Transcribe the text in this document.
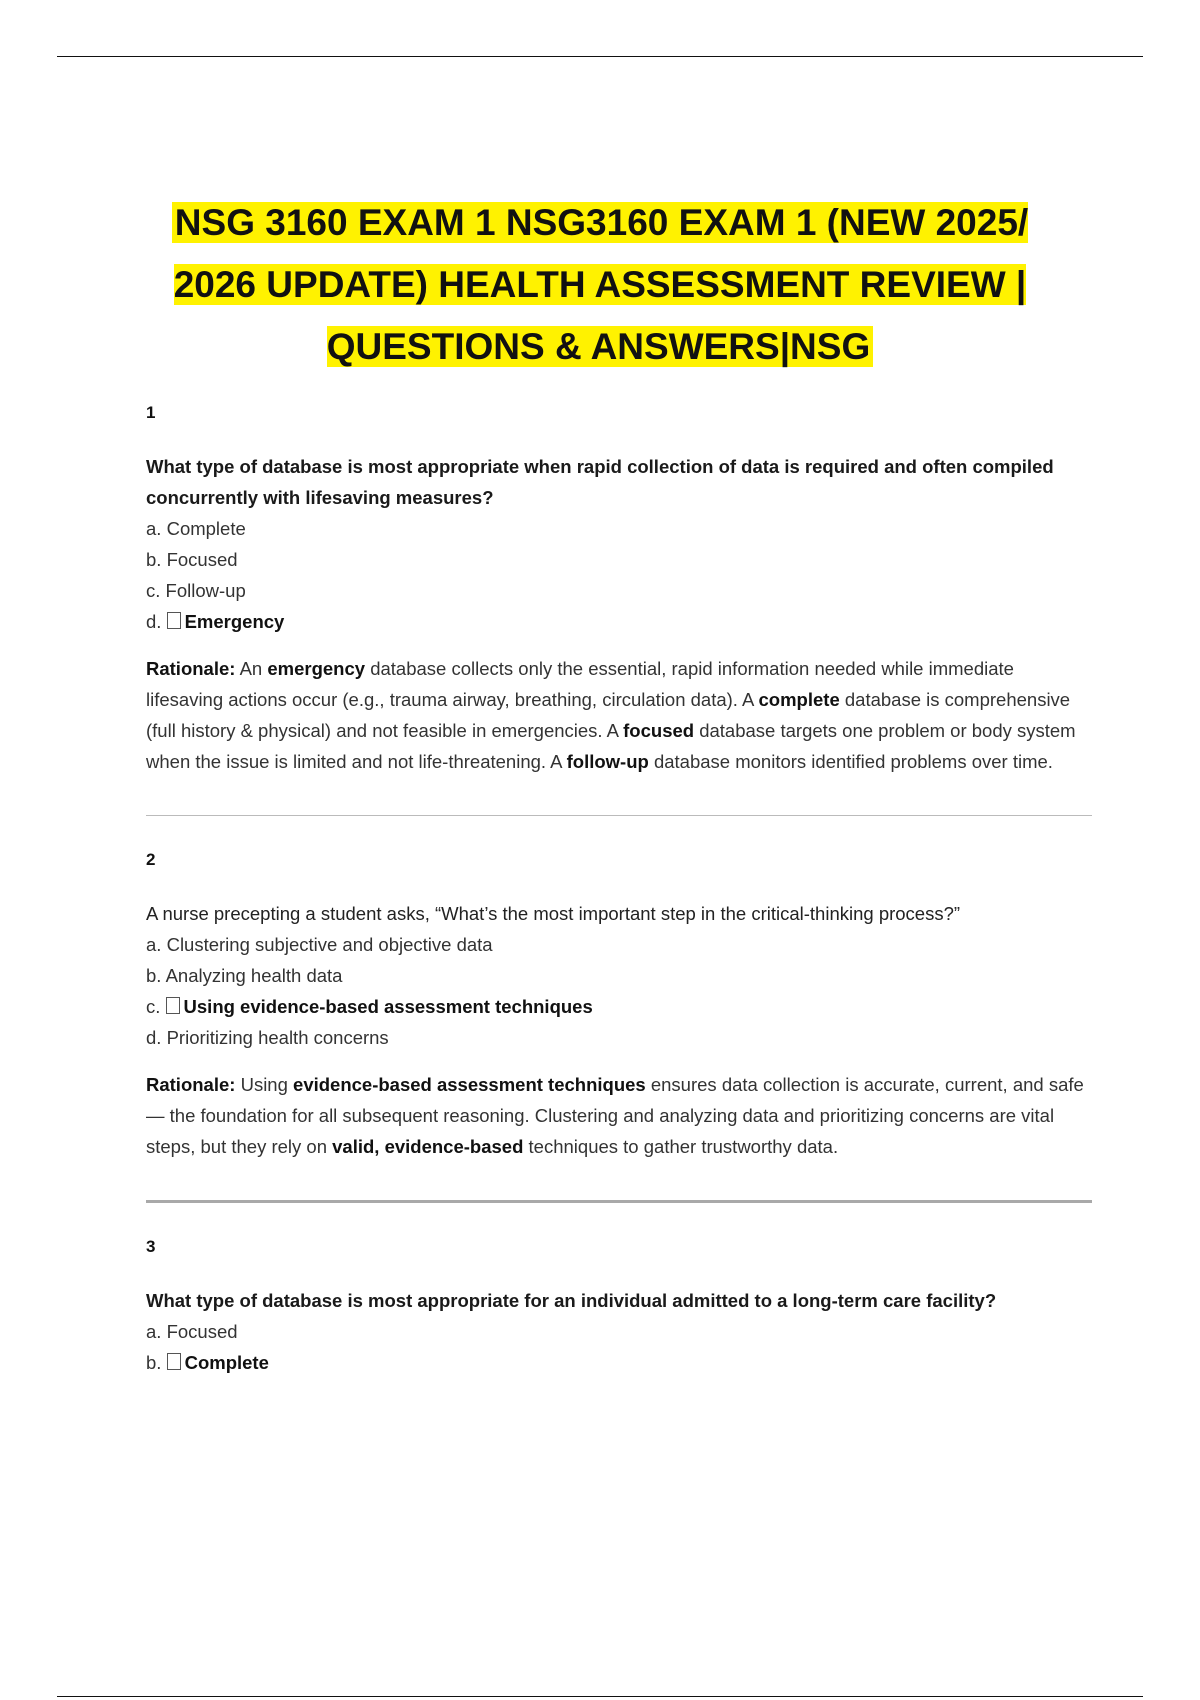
NSG 3160 EXAM 1 NSG3160 EXAM 1 (NEW 2025/ 2026 UPDATE) HEALTH ASSESSMENT REVIEW | QUESTIONS & ANSWERS|NSG

1

What type of database is most appropriate when rapid collection of data is required and often compiled concurrently with lifesaving measures?

a. Complete
b. Focused
c. Follow-up
d. Emergency

Rationale: An emergency database collects only the essential, rapid information needed while immediate lifesaving actions occur (e.g., trauma airway, breathing, circulation data). A complete database is comprehensive (full history & physical) and not feasible in emergencies. A focused database targets one problem or body system when the issue is limited and not life-threatening. A follow-up database monitors identified problems over time.

2

A nurse precepting a student asks, “What’s the most important step in the critical-thinking process?”

a. Clustering subjective and objective data
b. Analyzing health data
c. Using evidence-based assessment techniques
d. Prioritizing health concerns

Rationale: Using evidence-based assessment techniques ensures data collection is accurate, current, and safe — the foundation for all subsequent reasoning. Clustering and analyzing data and prioritizing concerns are vital steps, but they rely on valid, evidence-based techniques to gather trustworthy data.

3

What type of database is most appropriate for an individual admitted to a long-term care facility?

a. Focused
b. Complete
